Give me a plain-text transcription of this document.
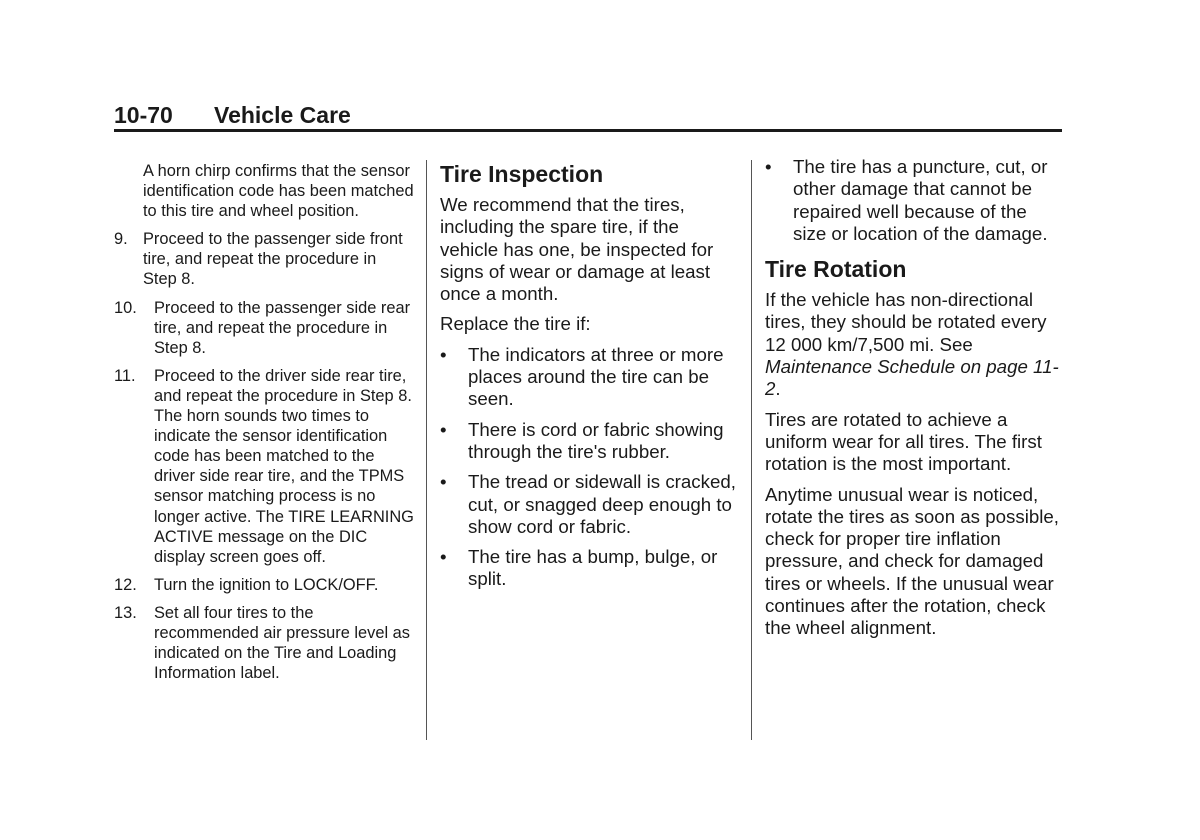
10-70 Vehicle Care

A horn chirp confirms that the sensor identification code has been matched to this tire and wheel position.

9. Proceed to the passenger side front tire, and repeat the procedure in Step 8.
10.	Proceed to the passenger side rear tire, and repeat the procedure in Step 8.
11.	Proceed to the driver side rear tire, and repeat the procedure in Step 8. The horn sounds two times to indicate the sensor identification code has been matched to the driver side rear tire, and the TPMS sensor matching process is no longer active. The TIRE LEARNING ACTIVE message on the DIC display screen goes off.
12.	Turn the ignition to LOCK/OFF.
13.	Set all four tires to the recommended air pressure level as indicated on the Tire and Loading Information label.
Tire Inspection

We recommend that the tires, including the spare tire, if the vehicle has one, be inspected for signs of wear or damage at least once a month.

Replace the tire if:

• The indicators at three or more places around the tire can be seen.
• There is cord or fabric showing through the tire's rubber.
• The tread or sidewall is cracked, cut, or snagged deep enough to show cord or fabric.
• The tire has a bump, bulge, or split.
• The tire has a puncture, cut, or other damage that cannot be repaired well because of the size or location of the damage.
Tire Rotation

If the vehicle has non-directional tires, they should be rotated every 12 000 km/7,500 mi. See Maintenance Schedule on page 11-2.

Tires are rotated to achieve a uniform wear for all tires. The first rotation is the most important.

Anytime unusual wear is noticed, rotate the tires as soon as possible, check for proper tire inflation pressure, and check for damaged tires or wheels. If the unusual wear continues after the rotation, check the wheel alignment.
